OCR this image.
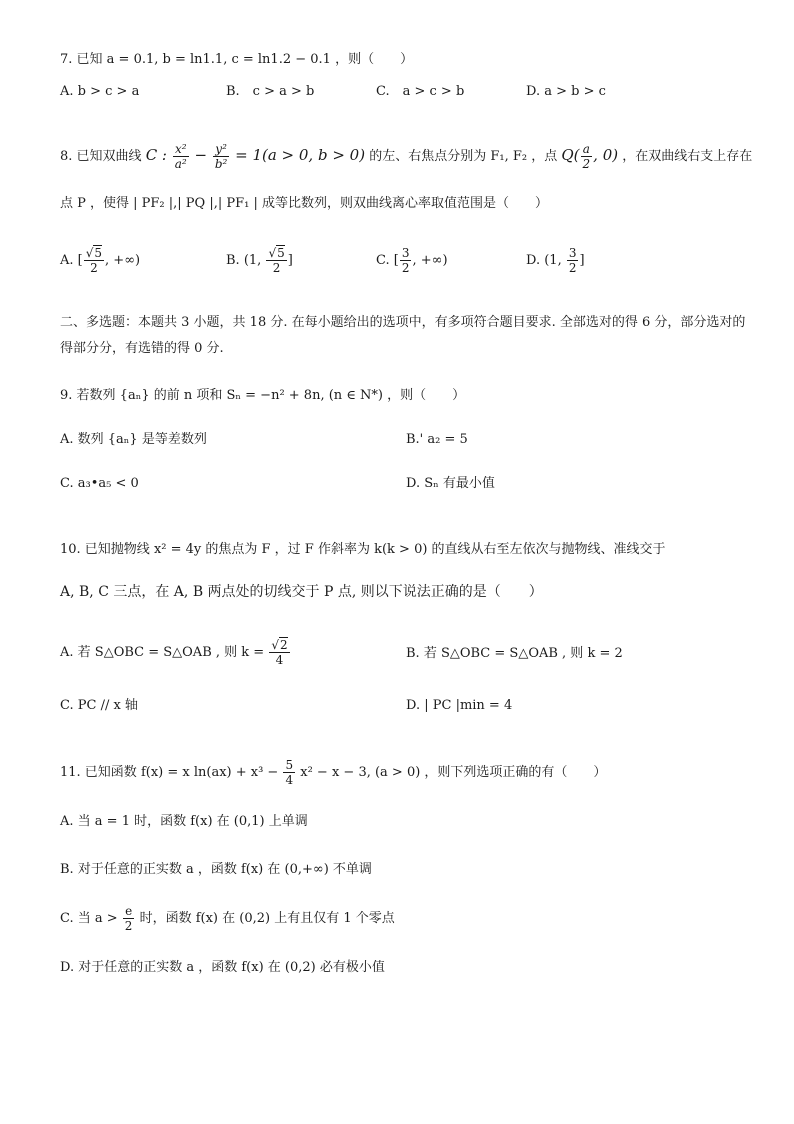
7. 已知 a = 0.1, b = ln1.1, c = ln1.2 − 0.1 ，则（　　）
A. b > c > a	B.　c > a > b	C.　a > c > b	D. a > b > c
8. 已知双曲线 C : $\frac{\text{x²}}{\text{a²}} - \frac{\text{y²}}{\text{b²}} = 1(a > 0$, b > 0) 的左、右焦点分别为 F₁, F₂ ，点 $Q( \frac{a}{2}$ , 0) ，在双曲线右支上存在
点 P ，使得 | PF₂ |,| PQ |,| PF₁ | 成等比数列，则双曲线离心率取值范围是（　　）
A. [ $\frac{√5}{2}$ , +∞)	B. (1, $\frac{√5}{2}$ ]	C. [ $\frac{3}{2}$ , +∞)	D. (1, $\frac{3}{2}$ ]
二、多选题：本题共 3 小题，共 18 分. 在每小题给出的选项中，有多项符合题目要求. 全部选对的得 6 分，部分选对的得部分分，有选错的得 0 分.
9. 若数列 {aₙ} 的前 n 项和 Sₙ = −n² + 8n, (n ∈ N*) ，则（　　）
A. 数列 {aₙ} 是等差数列	B.' a₂ = 5
C. a₃•a₅ < 0	D. Sₙ 有最小值
10. 已知抛物线 x² = 4y 的焦点为 F ，过 F 作斜率为 k(k > 0) 的直线从右至左依次与抛物线、准线交于
A, B, C 三点，在 A, B 两点处的切线交于 P 点, 则以下说法正确的是（　　）
A. 若 S△OBC = S△OAB , 则 $k = \frac{√2}{4}$	B. 若 S△OBC = S△OAB , 则 k = 2
C. PC // x 轴	D. | PC |min = 4
11. 已知函数 f(x) = x $\ln(ax) + x^3 - \frac{5}{4} x^2 - x - 3$, (a > 0) ，则下列选项正确的有（　　）
A. 当 a = 1 时，函数 f(x) 在 (0,1) 上单调
B. 对于任意的正实数 a ，函数 f(x) 在 (0,+∞) 不单调
C. 当 $a > \frac{e}{2}$ 时，函数 f(x) 在 (0,2) 上有且仅有 1 个零点
D. 对于任意的正实数 a ，函数 f(x) 在 (0,2) 必有极小值
